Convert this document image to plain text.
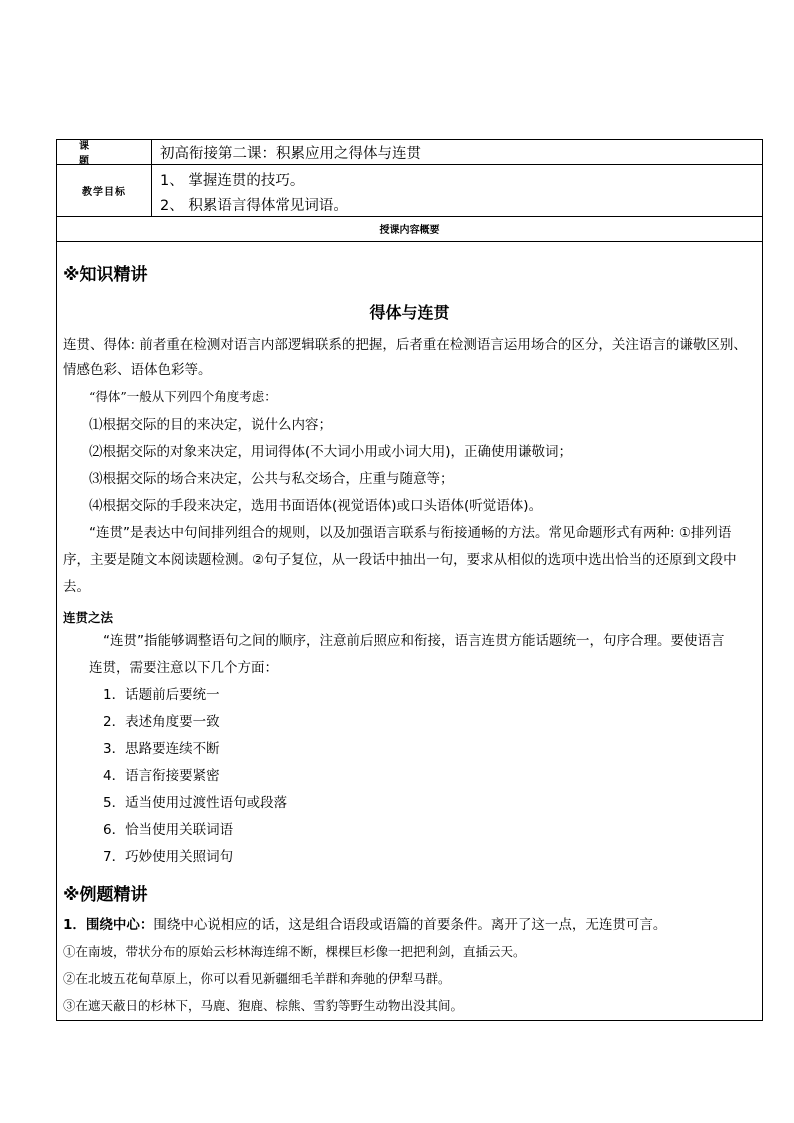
课 题	初高衔接第二课：积累应用之得体与连贯
教学目标
1、 掌握连贯的技巧。
2、 积累语言得体常见词语。
授课内容概要
※知识精讲
得体与连贯
连贯、得体: 前者重在检测对语言内部逻辑联系的把握，后者重在检测语言运用场合的区分，关注语言的谦敬区别、
情感色彩、语体色彩等。
“得体”一般从下列四个角度考虑：
⑴根据交际的目的来决定，说什么内容；
⑵根据交际的对象来决定，用词得体(不大词小用或小词大用)，正确使用谦敬词；
⑶根据交际的场合来决定，公共与私交场合，庄重与随意等；
⑷根据交际的手段来决定，选用书面语体(视觉语体)或口头语体(听觉语体)。
“连贯”是表达中句间排列组合的规则，以及加强语言联系与衔接通畅的方法。常见命题形式有两种: ①排列语
序，主要是随文本阅读题检测。②句子复位，从一段话中抽出一句，要求从相似的选项中选出恰当的还原到文段中
去。
连贯之法
“连贯”指能够调整语句之间的顺序，注意前后照应和衔接，语言连贯方能话题统一，句序合理。要使语言
连贯，需要注意以下几个方面：
1．话题前后要统一
2．表述角度要一致
3．思路要连续不断
4．语言衔接要紧密
5．适当使用过渡性语句或段落
6．恰当使用关联词语
7．巧妙使用关照词句
※例题精讲
1．围绕中心：围绕中心说相应的话，这是组合语段或语篇的首要条件。离开了这一点，无连贯可言。
①在南坡，带状分布的原始云杉林海连绵不断，棵棵巨杉像一把把利剑，直插云天。
②在北坡五花甸草原上，你可以看见新疆细毛羊群和奔驰的伊犁马群。
③在遮天蔽日的杉林下，马鹿、狍鹿、棕熊、雪豹等野生动物出没其间。
